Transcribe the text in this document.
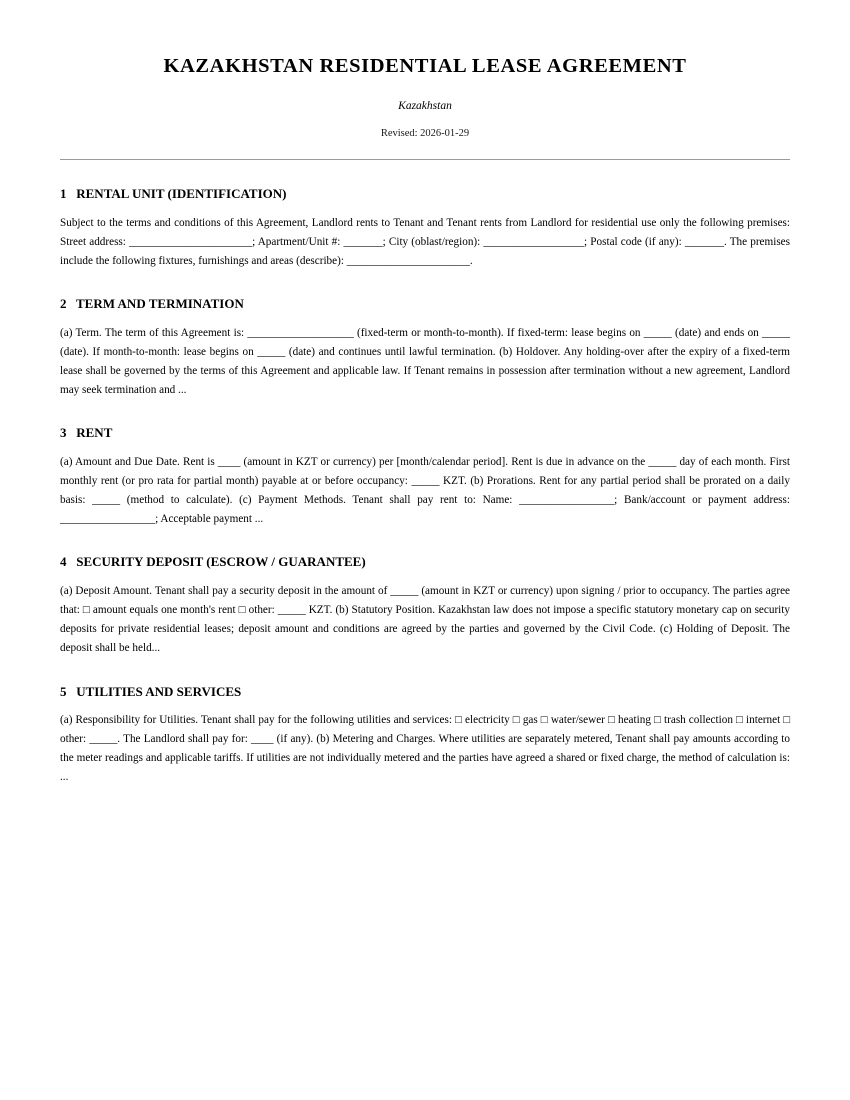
KAZAKHSTAN RESIDENTIAL LEASE AGREEMENT
Kazakhstan
Revised: 2026-01-29
1 RENTAL UNIT (IDENTIFICATION)

Subject to the terms and conditions of this Agreement, Landlord rents to Tenant and Tenant rents from Landlord for residential use only the following premises: Street address: ______________________; Apartment/Unit #: _______; City (oblast/region): __________________; Postal code (if any): _______. The premises include the following fixtures, furnishings and areas (describe): ______________________.

2 TERM AND TERMINATION

(a) Term. The term of this Agreement is: ___________________ (fixed-term or month-to-month). If fixed-term: lease begins on _____ (date) and ends on _____ (date). If month-to-month: lease begins on _____ (date) and continues until lawful termination. (b) Holdover. Any holding-over after the expiry of a fixed-term lease shall be governed by the terms of this Agreement and applicable law. If Tenant remains in possession after termination without a new agreement, Landlord may seek termination and ...

3 RENT

(a) Amount and Due Date. Rent is ____ (amount in KZT or currency) per [month/calendar period]. Rent is due in advance on the _____ day of each month. First monthly rent (or pro rata for partial month) payable at or before occupancy: _____ KZT. (b) Prorations. Rent for any partial period shall be prorated on a daily basis: _____ (method to calculate). (c) Payment Methods. Tenant shall pay rent to: Name: _________________; Bank/account or payment address: _________________; Acceptable payment ...

4 SECURITY DEPOSIT (ESCROW / GUARANTEE)

(a) Deposit Amount. Tenant shall pay a security deposit in the amount of _____ (amount in KZT or currency) upon signing / prior to occupancy. The parties agree that: □ amount equals one month's rent □ other: _____ KZT. (b) Statutory Position. Kazakhstan law does not impose a specific statutory monetary cap on security deposits for private residential leases; deposit amount and conditions are agreed by the parties and governed by the Civil Code. (c) Holding of Deposit. The deposit shall be held...

5 UTILITIES AND SERVICES

(a) Responsibility for Utilities. Tenant shall pay for the following utilities and services: □ electricity □ gas □ water/sewer □ heating □ trash collection □ internet □ other: _____. The Landlord shall pay for: ____ (if any). (b) Metering and Charges. Where utilities are separately metered, Tenant shall pay amounts according to the meter readings and applicable tariffs. If utilities are not individually metered and the parties have agreed a shared or fixed charge, the method of calculation is: ...
